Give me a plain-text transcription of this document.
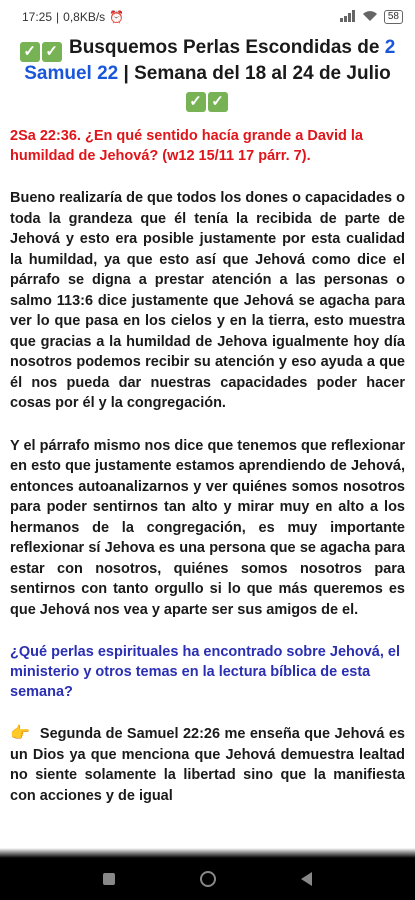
17:25 | 0,8KB/s ⏰	58
✓ ✓ Busquemos Perlas Escondidas de 2 Samuel 22 | Semana del 18 al 24 de Julio ✓ ✓
2Sa 22:36. ¿En qué sentido hacía grande a David la humildad de Jehová? (w12 15/11 17 párr. 7).

Bueno realizaría de que todos los dones o capacidades o toda la grandeza que él tenía la recibida de parte de Jehová y esto era posible justamente por esta cualidad la humildad, ya que esto así que Jehová como dice el párrafo se digna a prestar atención a las personas o salmo 113:6 dice justamente que Jehová se agacha para ver lo que pasa en los cielos y en la tierra, esto muestra que gracias a la humildad de Jehova igualmente hoy día nosotros podemos recibir su atención y eso ayuda a que él nos pueda dar nuestras capacidades poder hacer cosas por él y la congregación.

Y el párrafo mismo nos dice que tenemos que reflexionar en esto que justamente estamos aprendiendo de Jehová, entonces autoanalizarnos y ver quiénes somos nosotros para poder sentirnos tan alto y mirar muy en alto a los hermanos de la congregación, es muy importante reflexionar sí Jehova es una persona que se agacha para estar con nosotros, quiénes somos nosotros para sentirnos con tanto orgullo si lo que más queremos es que Jehová nos vea y aparte ser sus amigos de el.

¿Qué perlas espirituales ha encontrado sobre Jehová, el ministerio y otros temas en la lectura bíblica de esta semana?

👉 Segunda de Samuel 22:26 me enseña que Jehová es un Dios ya que menciona que Jehová demuestra lealtad no siente solamente la libertad sino que la manifiesta con acciones y de igual
